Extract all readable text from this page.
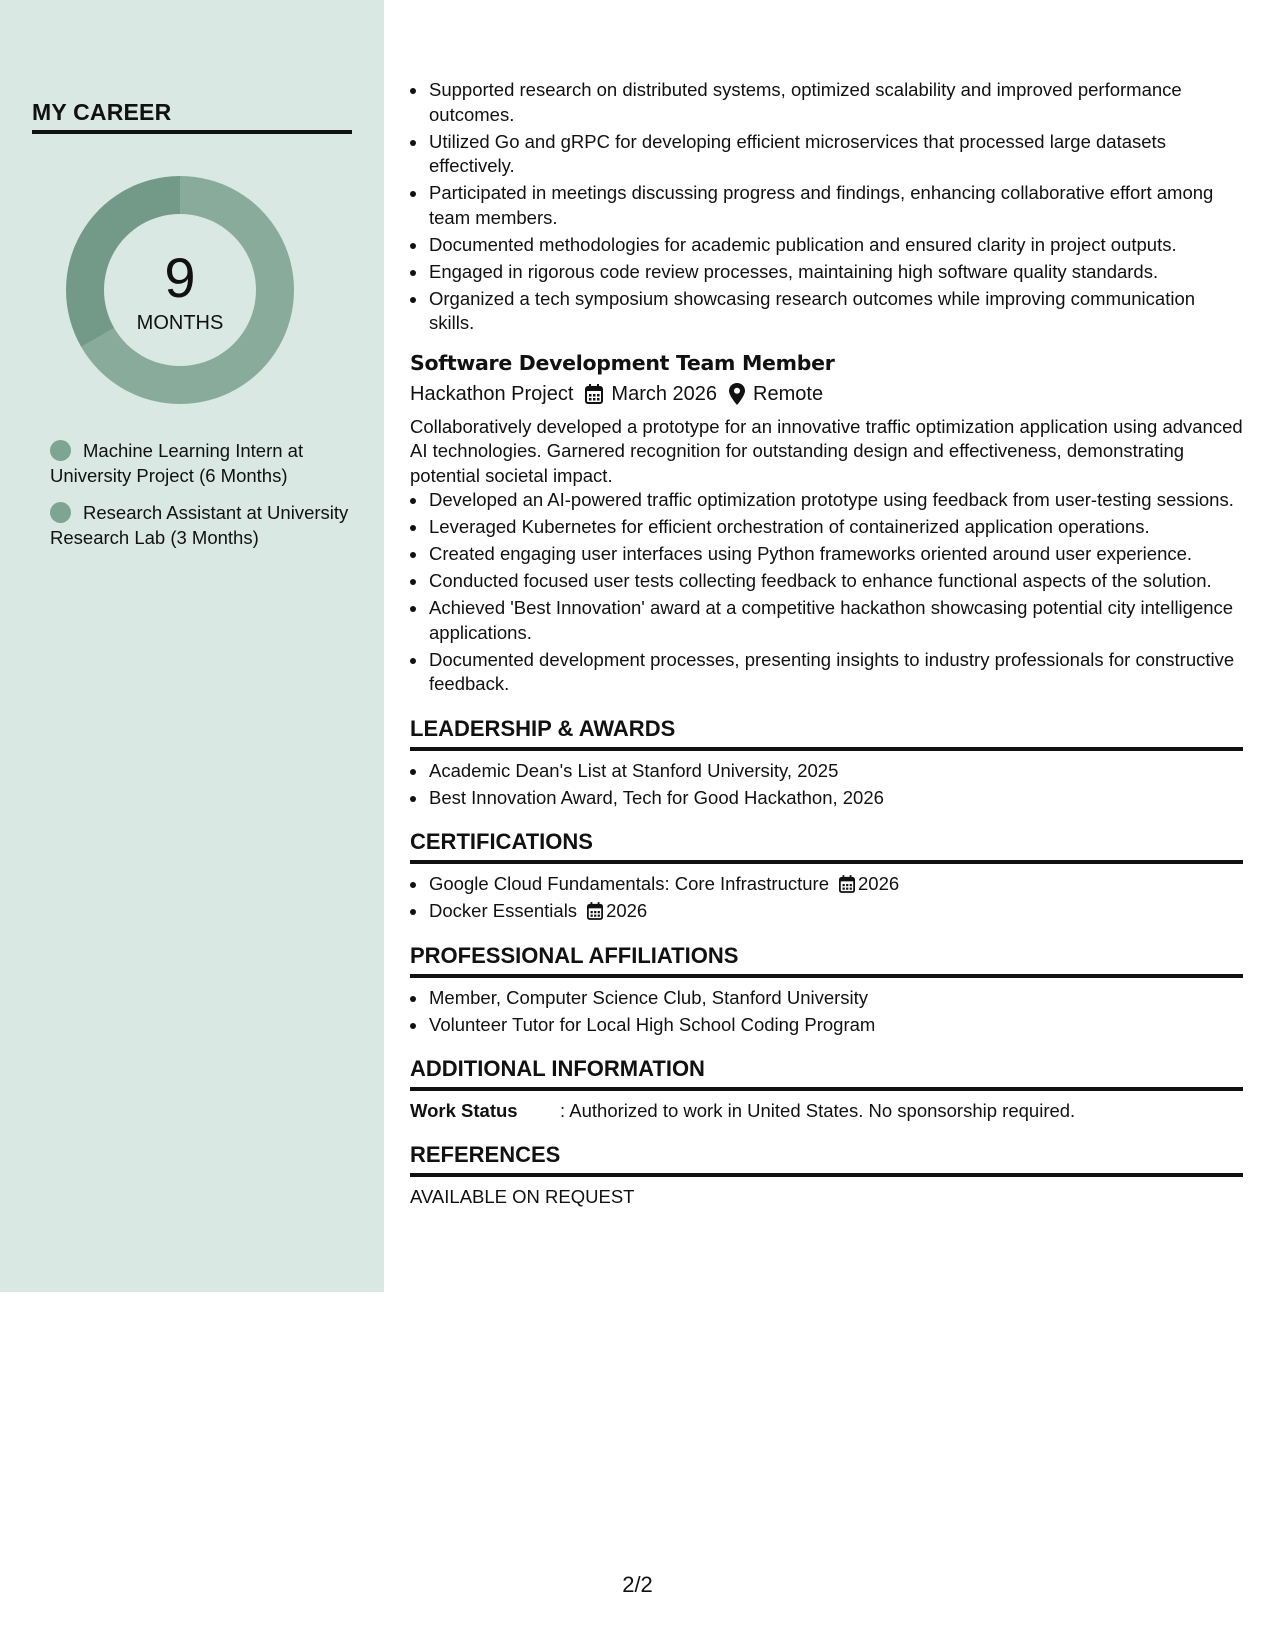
MY CAREER
9
MONTHS
Machine Learning Intern at University Project (6 Months)
Research Assistant at University Research Lab (3 Months)
• Supported research on distributed systems, optimized scalability and improved performance outcomes.
• Utilized Go and gRPC for developing efficient microservices that processed large datasets effectively.
• Participated in meetings discussing progress and findings, enhancing collaborative effort among team members.
• Documented methodologies for academic publication and ensured clarity in project outputs.
• Engaged in rigorous code review processes, maintaining high software quality standards.
• Organized a tech symposium showcasing research outcomes while improving communication skills.
Software Development Team Member
Hackathon Project March 2026 Remote
Collaboratively developed a prototype for an innovative traffic optimization application using advanced AI technologies. Garnered recognition for outstanding design and effectiveness, demonstrating potential societal impact.
• Developed an AI-powered traffic optimization prototype using feedback from user-testing sessions.
• Leveraged Kubernetes for efficient orchestration of containerized application operations.
• Created engaging user interfaces using Python frameworks oriented around user experience.
• Conducted focused user tests collecting feedback to enhance functional aspects of the solution.
• Achieved 'Best Innovation' award at a competitive hackathon showcasing potential city intelligence applications.
• Documented development processes, presenting insights to industry professionals for constructive feedback.
LEADERSHIP & AWARDS
• Academic Dean's List at Stanford University, 2025
• Best Innovation Award, Tech for Good Hackathon, 2026
CERTIFICATIONS
• Google Cloud Fundamentals: Core Infrastructure 2026
• Docker Essentials 2026
PROFESSIONAL AFFILIATIONS
• Member, Computer Science Club, Stanford University
• Volunteer Tutor for Local High School Coding Program
ADDITIONAL INFORMATION
Work Status	: Authorized to work in United States. No sponsorship required.
REFERENCES
AVAILABLE ON REQUEST
2/2
